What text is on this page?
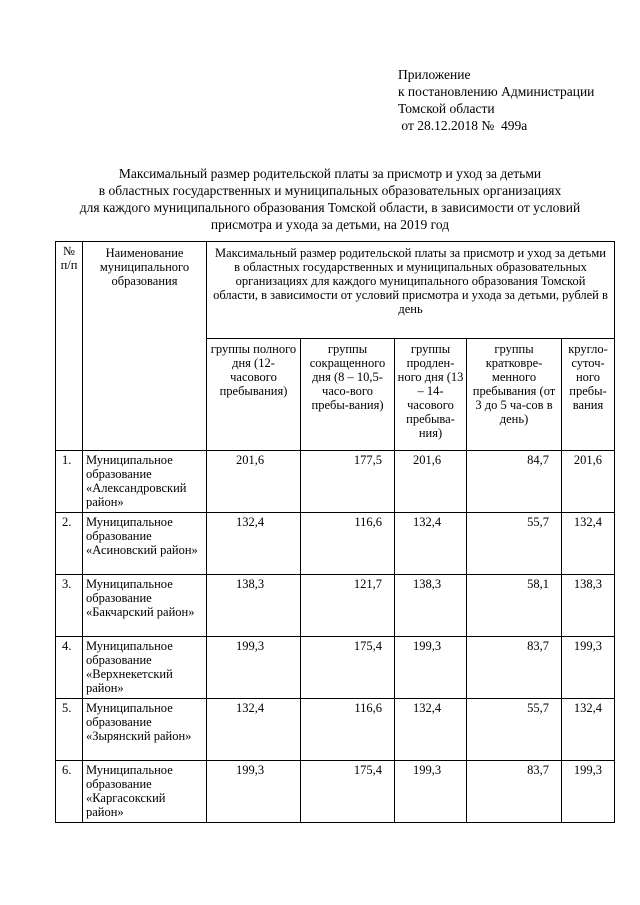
Приложение
к постановлению Администрации
Томской области
от 28.12.2018 №  499а
Максимальный размер родительской платы за присмотр и уход за детьми
в областных государственных и муниципальных образовательных организациях
для каждого муниципального образования Томской области, в зависимости от условий
присмотра и ухода за детьми, на 2019 год
№ п/п	Наименование муниципального образования	Максимальный размер родительской платы за присмотр и уход за детьми в областных государственных и муниципальных образовательных организациях для каждого муниципального образования Томской области, в зависимости от условий присмотра и ухода за детьми, рублей в день				
		группы полного дня (12-часового пребывания)	группы сокращенного дня (8 – 10,5-часо-вого пребы-вания)	группы продлен-ного дня (13 – 14-часового пребыва-ния)	группы кратковре-менного пребывания (от 3 до 5 ча-сов в день)	кругло-суточ-ного пребы-вания
1.	Муниципальное образование «Александровский район»	201,6	177,5	201,6	84,7	201,6
2.	Муниципальное образование «Асиновский район»	132,4	116,6	132,4	55,7	132,4
3.	Муниципальное образование «Бакчарский район»	138,3	121,7	138,3	58,1	138,3
4.	Муниципальное образование «Верхнекетский район»	199,3	175,4	199,3	83,7	199,3
5.	Муниципальное образование «Зырянский район»	132,4	116,6	132,4	55,7	132,4
6.	Муниципальное образование «Каргасокский район»	199,3	175,4	199,3	83,7	199,3
